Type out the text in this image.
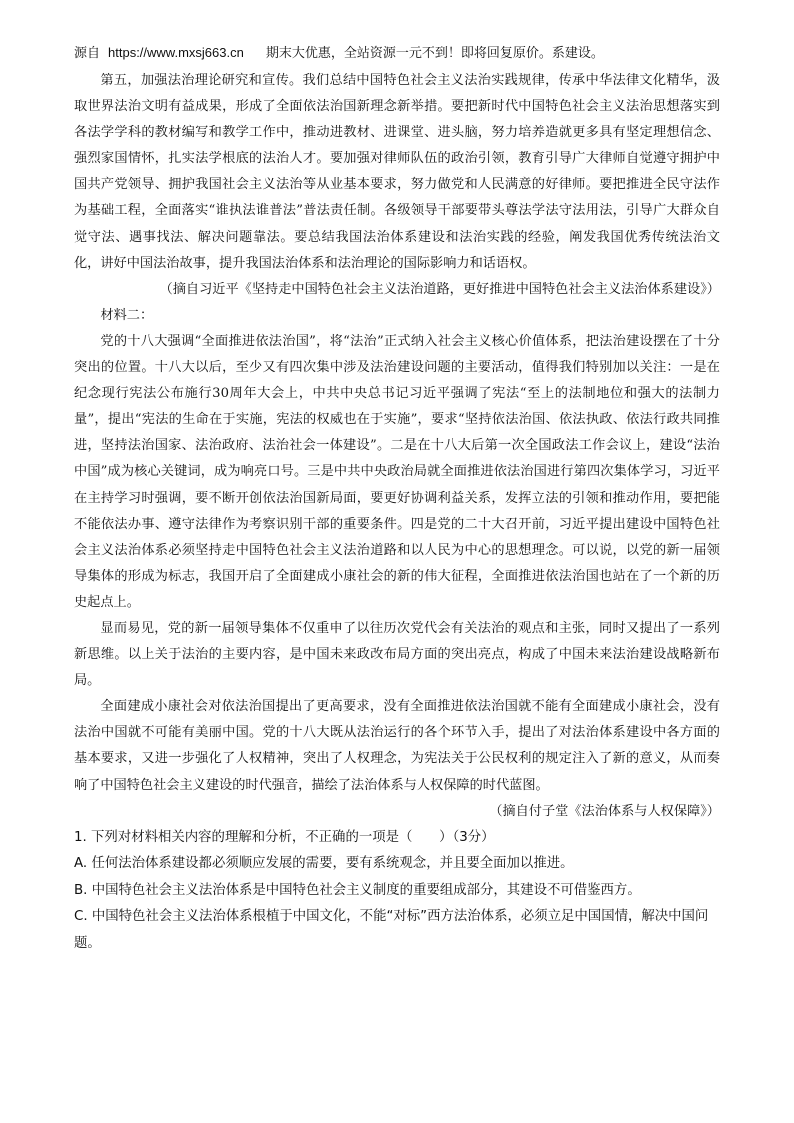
源自 https://www.mxsj663.cn 期末大优惠，全站资源一元不到！即将回复原价。系建设。

第五，加强法治理论研究和宣传。我们总结中国特色社会主义法治实践规律，传承中华法律文化精华，汲取世界法治文明有益成果，形成了全面依法治国新理念新举措。要把新时代中国特色社会主义法治思想落实到各法学学科的教材编写和教学工作中，推动进教材、进课堂、进头脑，努力培养造就更多具有坚定理想信念、强烈家国情怀，扎实法学根底的法治人才。要加强对律师队伍的政治引领，教育引导广大律师自觉遵守拥护中国共产党领导、拥护我国社会主义法治等从业基本要求，努力做党和人民满意的好律师。要把推进全民守法作为基础工程，全面落实“谁执法谁普法”普法责任制。各级领导干部要带头尊法学法守法用法，引导广大群众自觉守法、遇事找法、解决问题靠法。要总结我国法治体系建设和法治实践的经验，阐发我国优秀传统法治文化，讲好中国法治故事，提升我国法治体系和法治理论的国际影响力和话语权。

（摘自习近平《坚持走中国特色社会主义法治道路，更好推进中国特色社会主义法治体系建设》）

材料二：

党的十八大强调“全面推进依法治国”，将“法治”正式纳入社会主义核心价值体系，把法治建设摆在了十分突出的位置。十八大以后，至少又有四次集中涉及法治建设问题的主要活动，值得我们特别加以关注：一是在纪念现行宪法公布施行30周年大会上，中共中央总书记习近平强调了宪法“至上的法制地位和强大的法制力量”，提出“宪法的生命在于实施，宪法的权威也在于实施”，要求“坚持依法治国、依法执政、依法行政共同推进，坚持法治国家、法治政府、法治社会一体建设”。二是在十八大后第一次全国政法工作会议上，建设“法治中国”成为核心关键词，成为响亮口号。三是中共中央政治局就全面推进依法治国进行第四次集体学习，习近平在主持学习时强调，要不断开创依法治国新局面，要更好协调利益关系，发挥立法的引领和推动作用，要把能不能依法办事、遵守法律作为考察识别干部的重要条件。四是党的二十大召开前，习近平提出建设中国特色社会主义法治体系必须坚持走中国特色社会主义法治道路和以人民为中心的思想理念。可以说，以党的新一届领导集体的形成为标志，我国开启了全面建成小康社会的新的伟大征程，全面推进依法治国也站在了一个新的历史起点上。

显而易见，党的新一届领导集体不仅重申了以往历次党代会有关法治的观点和主张，同时又提出了一系列新思维。以上关于法治的主要内容，是中国未来政改布局方面的突出亮点，构成了中国未来法治建设战略新布局。

全面建成小康社会对依法治国提出了更高要求，没有全面推进依法治国就不能有全面建成小康社会，没有法治中国就不可能有美丽中国。党的十八大既从法治运行的各个环节入手，提出了对法治体系建设中各方面的基本要求，又进一步强化了人权精神，突出了人权理念，为宪法关于公民权利的规定注入了新的意义，从而奏响了中国特色社会主义建设的时代强音，描绘了法治体系与人权保障的时代蓝图。

（摘自付子堂《法治体系与人权保障》）

1. 下列对材料相关内容的理解和分析，不正确的一项是（　　）（3分）

A. 任何法治体系建设都必须顺应发展的需要，要有系统观念，并且要全面加以推进。

B. 中国特色社会主义法治体系是中国特色社会主义制度的重要组成部分，其建设不可借鉴西方。

C. 中国特色社会主义法治体系根植于中国文化，不能“对标”西方法治体系，必须立足中国国情，解决中国问题。
